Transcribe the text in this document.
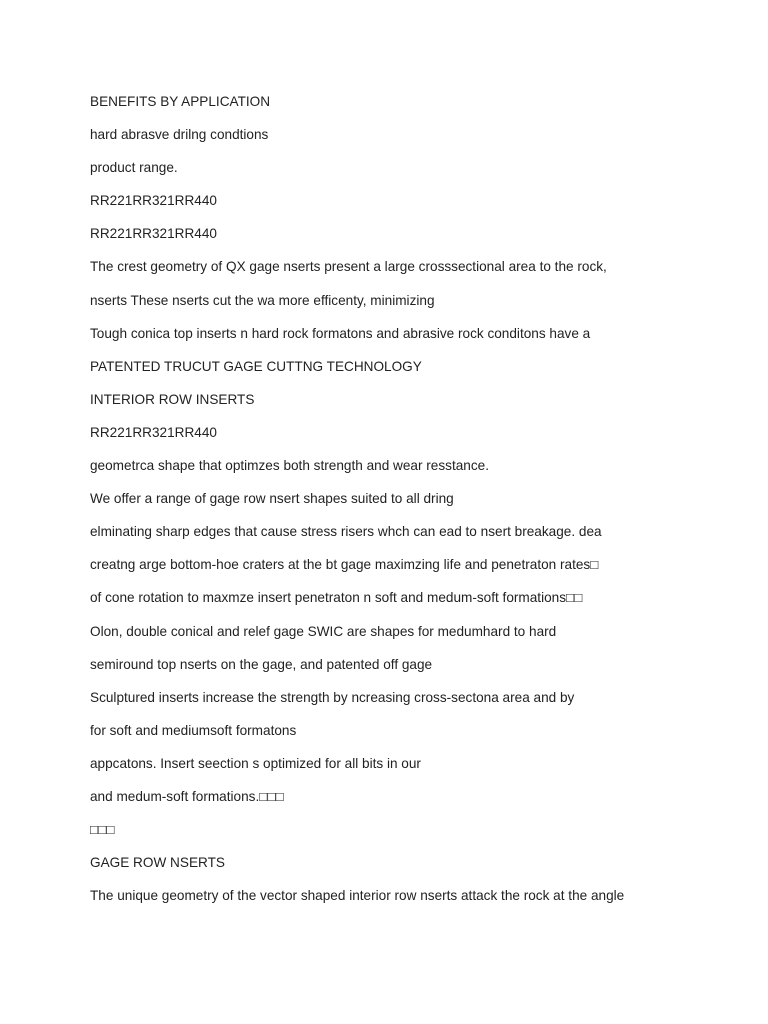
BENEFITS BY APPLICATION
hard abrasve drilng condtions
product range.
RR221RR321RR440
RR221RR321RR440
The crest geometry of QX gage nserts present a large crosssectional area to the rock,
nserts These nserts cut the wa more efficenty, minimizing
Tough conica top inserts n hard rock formatons and abrasive rock conditons have a
PATENTED TRUCUT GAGE CUTTNG TECHNOLOGY
INTERIOR ROW INSERTS
RR221RR321RR440
geometrca shape that optimzes both strength and wear resstance.
We offer a range of gage row nsert shapes suited to all dring
elminating sharp edges that cause stress risers whch can ead to nsert breakage. dea
creatng arge bottom-hoe craters at the bt gage maximzing life and penetraton rates□
of cone rotation to maxmze insert penetraton n soft and medum-soft formations□□
Olon, double conical and relef gage SWIC are shapes for medumhard to hard
semiround top nserts on the gage, and patented off gage
Sculptured inserts increase the strength by ncreasing cross-sectona area and by
for soft and mediumsoft formatons
appcatons. Insert seection s optimized for all bits in our
and medum-soft formations.□□□
□□□
GAGE ROW NSERTS
The unique geometry of the vector shaped interior row nserts attack the rock at the angle
